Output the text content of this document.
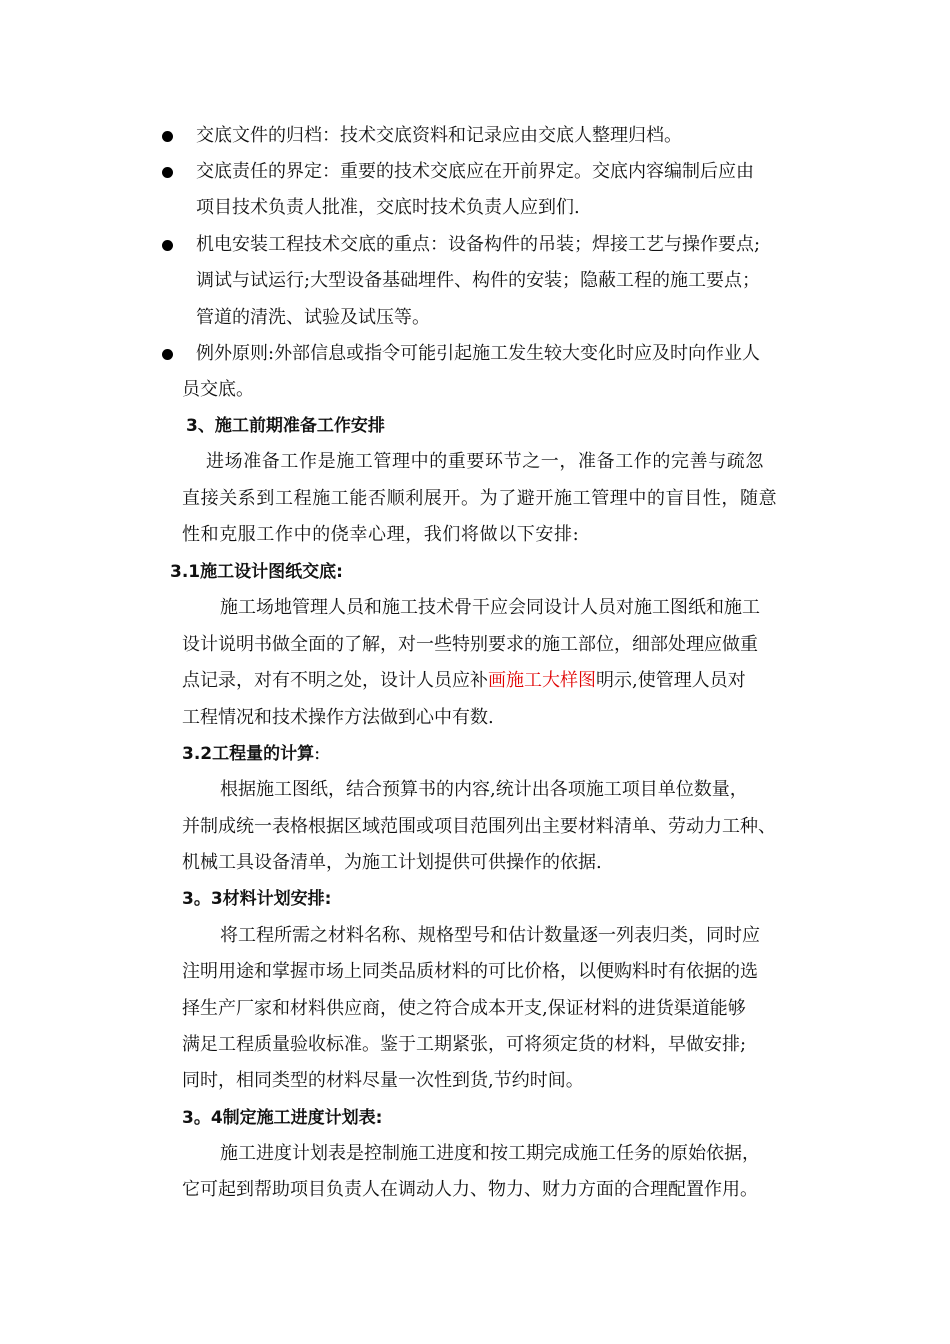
交底文件的归档：技术交底资料和记录应由交底人整理归档。
交底责任的界定：重要的技术交底应在开前界定。交底内容编制后应由
项目技术负责人批准，交底时技术负责人应到们.
机电安装工程技术交底的重点：设备构件的吊装；焊接工艺与操作要点;
调试与试运行;大型设备基础埋件、构件的安装；隐蔽工程的施工要点；
管道的清洗、试验及试压等。
例外原则:外部信息或指令可能引起施工发生较大变化时应及时向作业人
员交底。
3、施工前期准备工作安排
进场准备工作是施工管理中的重要环节之一，准备工作的完善与疏忽
直接关系到工程施工能否顺利展开。为了避开施工管理中的盲目性，随意
性和克服工作中的侥幸心理，我们将做以下安排:
3.1施工设计图纸交底:
施工场地管理人员和施工技术骨干应会同设计人员对施工图纸和施工
设计说明书做全面的了解，对一些特别要求的施工部位，细部处理应做重
点记录，对有不明之处，设计人员应补画施工大样图明示,使管理人员对
工程情况和技术操作方法做到心中有数.
3.2工程量的计算:
根据施工图纸，结合预算书的内容,统计出各项施工项目单位数量，
并制成统一表格根据区域范围或项目范围列出主要材料清单、劳动力工种、
机械工具设备清单，为施工计划提供可供操作的依据.
3。3材料计划安排:
将工程所需之材料名称、规格型号和估计数量逐一列表归类，同时应
注明用途和掌握市场上同类品质材料的可比价格，以便购料时有依据的选
择生产厂家和材料供应商，使之符合成本开支,保证材料的进货渠道能够
满足工程质量验收标准。鉴于工期紧张，可将须定货的材料，早做安排;
同时，相同类型的材料尽量一次性到货,节约时间。
3。4制定施工进度计划表:
施工进度计划表是控制施工进度和按工期完成施工任务的原始依据，
它可起到帮助项目负责人在调动人力、物力、财力方面的合理配置作用。
